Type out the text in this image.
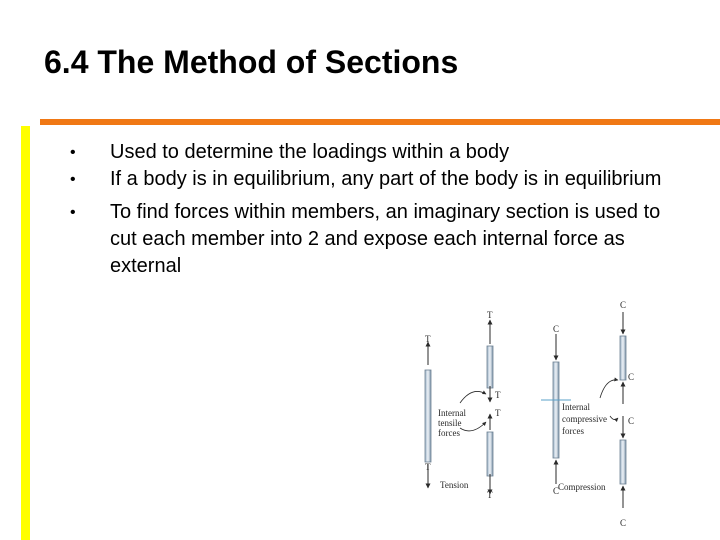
6.4 The Method of Sections
• Used to determine the loadings within a body
• If a body is in equilibrium, any part of the body is in equilibrium
• To find forces within members, an imaginary section is used to cut each member into 2 and expose each internal force as external
T
T
T
T
T
T
Internal
tensile
forces
Tension
C
C
C
C
C
C
Internal
compressive
forces
Compression
